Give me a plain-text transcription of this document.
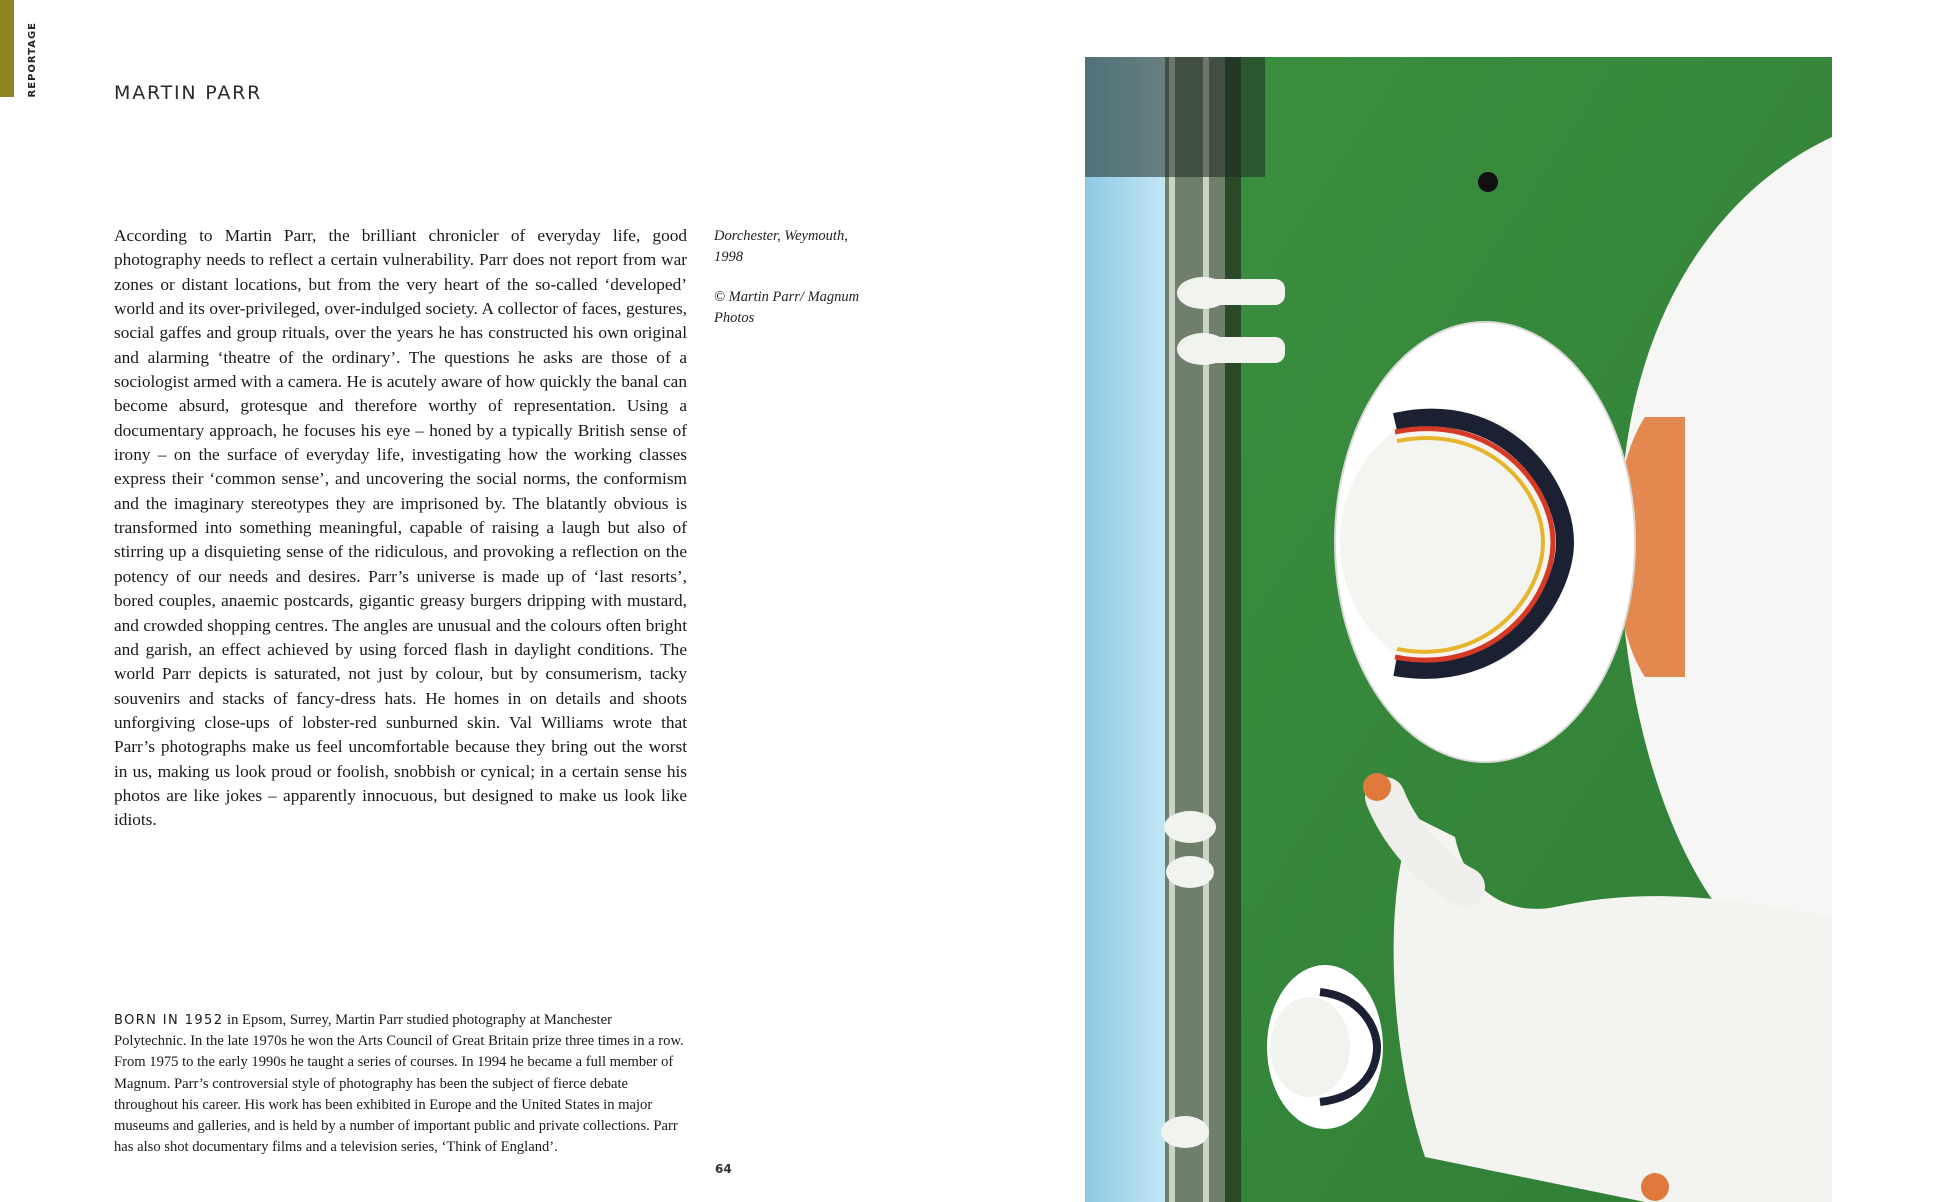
REPORTAGE	MARTIN PARR

According to Martin Parr, the brilliant chronicler of everyday life, good photography needs to reflect a certain vulnerability. Parr does not report from war zones or distant locations, but from the very heart of the so-called ‘developed’ world and its over-privileged, over-indulged society. A collector of faces, gestures, social gaffes and group rituals, over the years he has constructed his own original and alarming ‘theatre of the ordinary’. The questions he asks are those of a sociologist armed with a camera. He is acutely aware of how quickly the banal can become absurd, grotesque and therefore worthy of representation. Using a documentary approach, he focuses his eye – honed by a typically British sense of irony – on the surface of everyday life, investigating how the working classes express their ‘common sense’, and uncovering the social norms, the conformism and the imaginary stereotypes they are imprisoned by. The blatantly obvious is transformed into something meaningful, capable of raising a laugh but also of stirring up a disquieting sense of the ridiculous, and provoking a reflection on the potency of our needs and desires. Parr’s universe is made up of ‘last resorts’, bored couples, anaemic postcards, gigantic greasy burgers dripping with mustard, and crowded shopping centres. The angles are unusual and the colours often bright and garish, an effect achieved by using forced flash in daylight conditions. The world Parr depicts is saturated, not just by colour, but by consumerism, tacky souvenirs and stacks of fancy-dress hats. He homes in on details and shoots unforgiving close-ups of lobster-red sunburned skin. Val Williams wrote that Parr’s photographs make us feel uncomfortable because they bring out the worst in us, making us look proud or foolish, snobbish or cynical; in a certain sense his photos are like jokes – apparently innocuous, but designed to make us look like idiots.

Dorchester, Weymouth, 1998

© Martin Parr/ Magnum Photos

BORN IN 1952 in Epsom, Surrey, Martin Parr studied photography at Manchester Polytechnic. In the late 1970s he won the Arts Council of Great Britain prize three times in a row. From 1975 to the early 1990s he taught a series of courses. In 1994 he became a full member of Magnum. Parr’s controversial style of photography has been the subject of fierce debate throughout his career. His work has been exhibited in Europe and the United States in major museums and galleries, and is held by a number of important public and private collections. Parr has also shot documentary films and a television series, ‘Think of England’.

64
